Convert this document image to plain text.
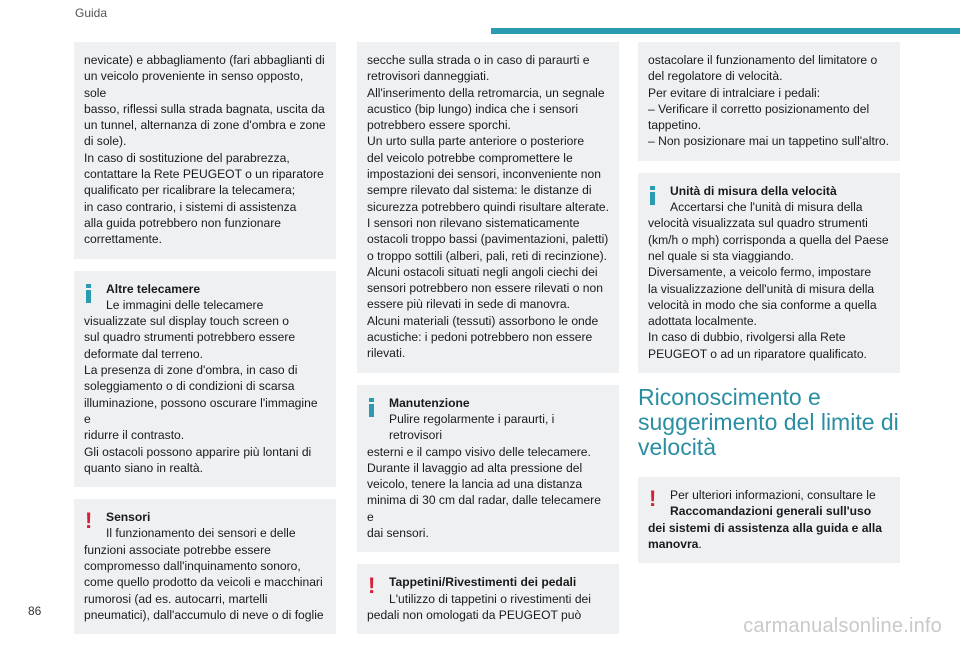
Guida

nevicate) e abbagliamento (fari abbaglianti di

un veicolo proveniente in senso opposto, sole

basso, riflessi sulla strada bagnata, uscita da

un tunnel, alternanza di zone d'ombra e zone

di sole).

In caso di sostituzione del parabrezza,

contattare la Rete PEUGEOT o un riparatore

qualificato per ricalibrare la telecamera;

in caso contrario, i sistemi di assistenza

alla guida potrebbero non funzionare

correttamente.

Altre telecamere

Le immagini delle telecamere

visualizzate sul display touch screen o

sul quadro strumenti potrebbero essere

deformate dal terreno.

La presenza di zone d'ombra, in caso di

soleggiamento o di condizioni di scarsa

illuminazione, possono oscurare l'immagine e

ridurre il contrasto.

Gli ostacoli possono apparire più lontani di

quanto siano in realtà.

!	Sensori

Il funzionamento dei sensori e delle

funzioni associate potrebbe essere

compromesso dall'inquinamento sonoro,

come quello prodotto da veicoli e macchinari

rumorosi (ad es. autocarri, martelli

pneumatici), dall'accumulo di neve o di foglie

secche sulla strada o in caso di paraurti e

retrovisori danneggiati.

All'inserimento della retromarcia, un segnale

acustico (bip lungo) indica che i sensori

potrebbero essere sporchi.

Un urto sulla parte anteriore o posteriore

del veicolo potrebbe compromettere le

impostazioni dei sensori, inconveniente non

sempre rilevato dal sistema: le distanze di

sicurezza potrebbero quindi risultare alterate.

I sensori non rilevano sistematicamente

ostacoli troppo bassi (pavimentazioni, paletti)

o troppo sottili (alberi, pali, reti di recinzione).

Alcuni ostacoli situati negli angoli ciechi dei

sensori potrebbero non essere rilevati o non

essere più rilevati in sede di manovra.

Alcuni materiali (tessuti) assorbono le onde

acustiche: i pedoni potrebbero non essere

rilevati.

Manutenzione

Pulire regolarmente i paraurti, i retrovisori

esterni e il campo visivo delle telecamere.

Durante il lavaggio ad alta pressione del

veicolo, tenere la lancia ad una distanza

minima di 30 cm dal radar, dalle telecamere e

dai sensori.

!	Tappetini/Rivestimenti dei pedali

L'utilizzo di tappetini o rivestimenti dei

pedali non omologati da PEUGEOT può

ostacolare il funzionamento del limitatore o

del regolatore di velocità.

Per evitare di intralciare i pedali:

– Verificare il corretto posizionamento del

tappetino.

– Non posizionare mai un tappetino sull'altro.

Unità di misura della velocità

Accertarsi che l'unità di misura della

velocità visualizzata sul quadro strumenti

(km/h o mph) corrisponda a quella del Paese

nel quale si sta viaggiando.

Diversamente, a veicolo fermo, impostare

la visualizzazione dell'unità di misura della

velocità in modo che sia conforme a quella

adottata localmente.

In caso di dubbio, rivolgersi alla Rete

PEUGEOT o ad un riparatore qualificato.

Riconoscimento e

suggerimento del limite di

velocità

!	Per ulteriori informazioni, consultare le

Raccomandazioni generali sull'uso

dei sistemi di assistenza alla guida e alla

manovra.

86
carmanualsonline.info
